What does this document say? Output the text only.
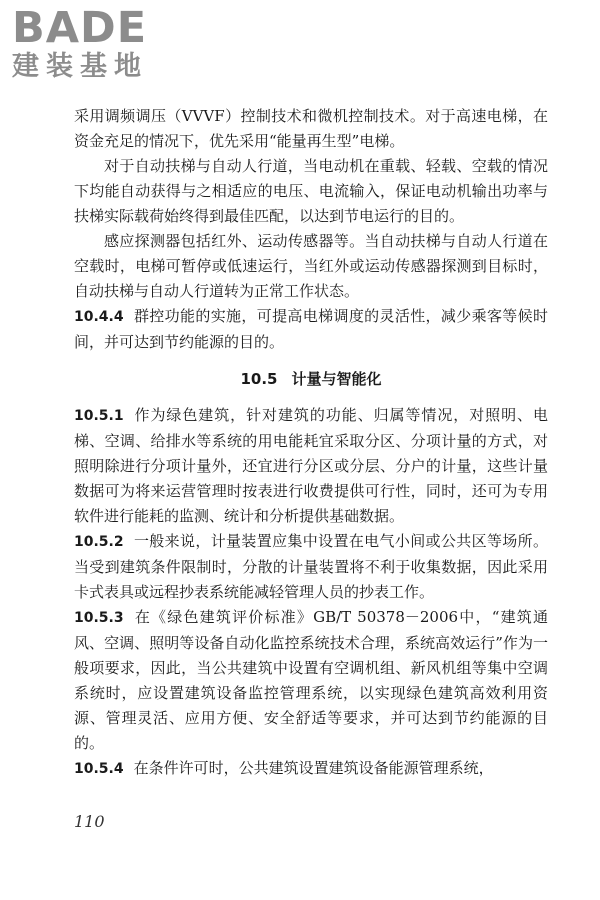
BADE
建装基地

采用调频调压（VVVF）控制技术和微机控制技术。对于高速电梯，在资金充足的情况下，优先采用“能量再生型”电梯。

对于自动扶梯与自动人行道，当电动机在重载、轻载、空载的情况下均能自动获得与之相适应的电压、电流输入，保证电动机输出功率与扶梯实际载荷始终得到最佳匹配，以达到节电运行的目的。

感应探测器包括红外、运动传感器等。当自动扶梯与自动人行道在空载时，电梯可暂停或低速运行，当红外或运动传感器探测到目标时，自动扶梯与自动人行道转为正常工作状态。

10.4.4 群控功能的实施，可提高电梯调度的灵活性，减少乘客等候时间，并可达到节约能源的目的。

10.5 计量与智能化

10.5.1 作为绿色建筑，针对建筑的功能、归属等情况，对照明、电梯、空调、给排水等系统的用电能耗宜采取分区、分项计量的方式，对照明除进行分项计量外，还宜进行分区或分层、分户的计量，这些计量数据可为将来运营管理时按表进行收费提供可行性，同时，还可为专用软件进行能耗的监测、统计和分析提供基础数据。

10.5.2 一般来说，计量装置应集中设置在电气小间或公共区等场所。当受到建筑条件限制时，分散的计量装置将不利于收集数据，因此采用卡式表具或远程抄表系统能减轻管理人员的抄表工作。

10.5.3 在《绿色建筑评价标准》GB/T 50378－2006中，“建筑通风、空调、照明等设备自动化监控系统技术合理，系统高效运行”作为一般项要求，因此，当公共建筑中设置有空调机组、新风机组等集中空调系统时，应设置建筑设备监控管理系统，以实现绿色建筑高效利用资源、管理灵活、应用方便、安全舒适等要求，并可达到节约能源的目的。

10.5.4 在条件许可时，公共建筑设置建筑设备能源管理系统，

110
